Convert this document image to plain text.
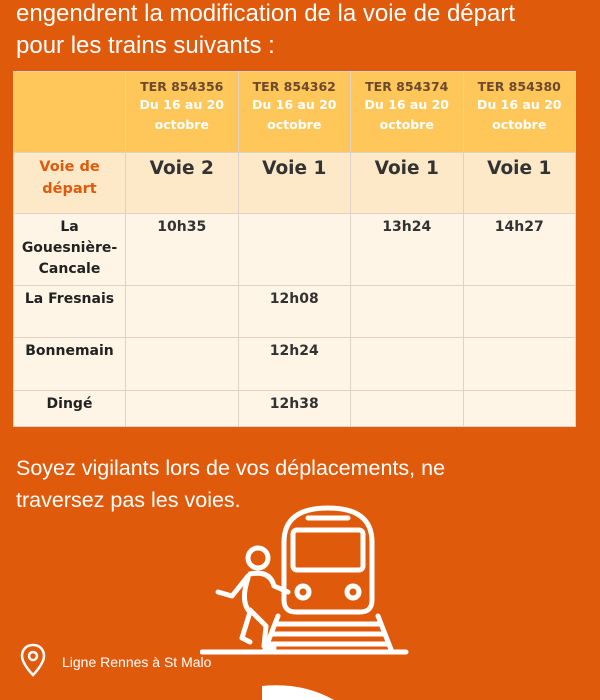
engendrent la modification de la voie de départ
pour les trains suivants :

	TER 854356
Du 16 au 20
octobre	TER 854362
Du 16 au 20
octobre	TER 854374
Du 16 au 20
octobre	TER 854380
Du 16 au 20
octobre

Voie de
départ	Voie 2	Voie 1	Voie 1	Voie 1
La
Gouesnière-
Cancale	10h35		13h24	14h27
La Fresnais		12h08		
Bonnemain		12h24		
Dingé		12h38		
Soyez vigilants lors de vos déplacements, ne
traversez pas les voies.
Ligne Rennes à St Malo
